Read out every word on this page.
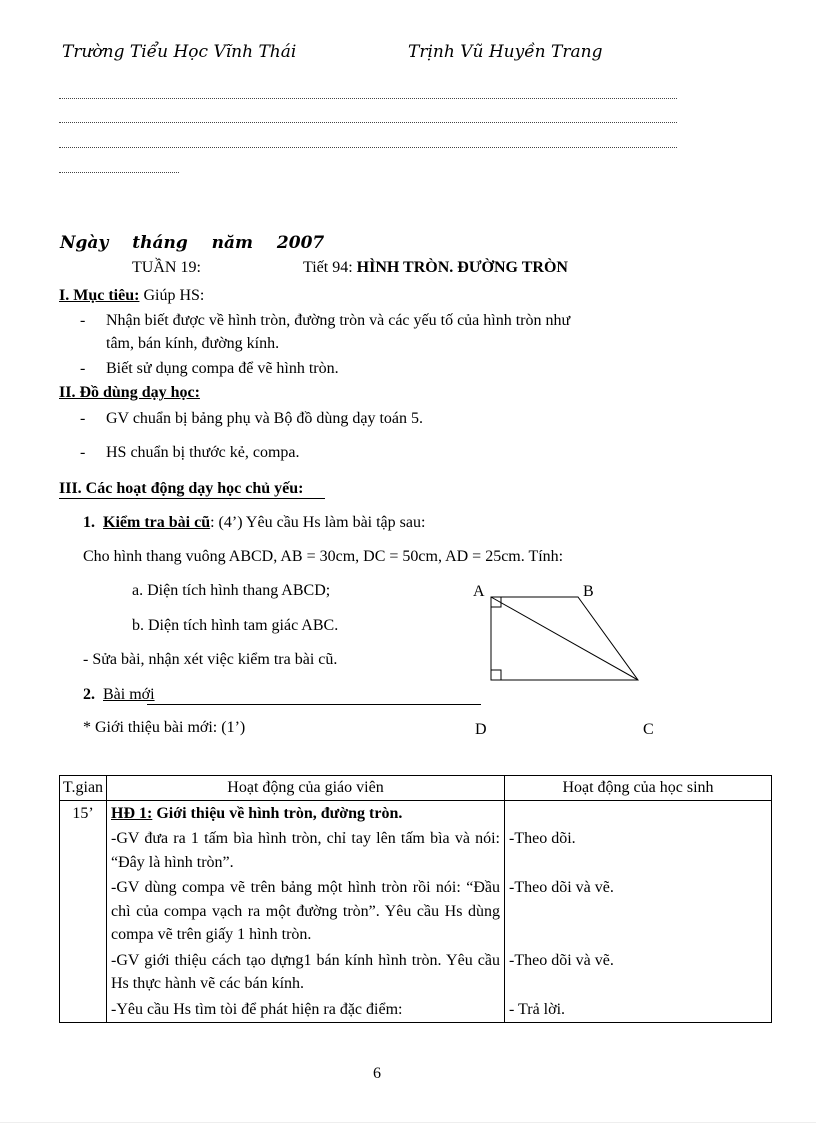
Trường Tiểu Học Vĩnh Thái	Trịnh Vũ Huyền Trang
Ngày tháng năm 2007
TUẦN 19:	Tiết 94: HÌNH TRÒN. ĐƯỜNG TRÒN
I. Mục tiêu: Giúp HS:
- Nhận biết được về hình tròn, đường tròn và các yếu tố của hình tròn như
tâm, bán kính, đường kính.
- Biết sử dụng compa để vẽ hình tròn.
II. Đồ dùng dạy học:
- GV chuẩn bị bảng phụ và Bộ đồ dùng dạy toán 5.
- HS chuẩn bị thước kẻ, compa.
III. Các hoạt động dạy học chủ yếu:
1. Kiểm tra bài cũ: (4’) Yêu cầu Hs làm bài tập sau:
Cho hình thang vuông ABCD, AB = 30cm, DC = 50cm, AD = 25cm. Tính:
a. Diện tích hình thang ABCD;
b. Diện tích hình tam giác ABC.
- Sửa bài, nhận xét việc kiểm tra bài cũ.
2. Bài mới
* Giới thiệu bài mới: (1’)
A	B
D	C
T.gian	Hoạt động của giáo viên	Hoạt động của học sinh
15’	HĐ 1: Giới thiệu về hình tròn, đường tròn.	
	-GV đưa ra 1 tấm bìa hình tròn, chỉ tay lên tấm bìa và nói: “Đây là hình tròn”.	-Theo dõi.
	-GV dùng compa vẽ trên bảng một hình tròn rồi nói: “Đầu chì của compa vạch ra một đường tròn”. Yêu cầu Hs dùng compa vẽ trên giấy 1 hình tròn.	-Theo dõi và vẽ.
	-GV giới thiệu cách tạo dựng1 bán kính hình tròn. Yêu cầu Hs thực hành vẽ các bán kính.	-Theo dõi và vẽ.
	-Yêu cầu Hs tìm tòi để phát hiện ra đặc điểm:	- Trả lời.
6
